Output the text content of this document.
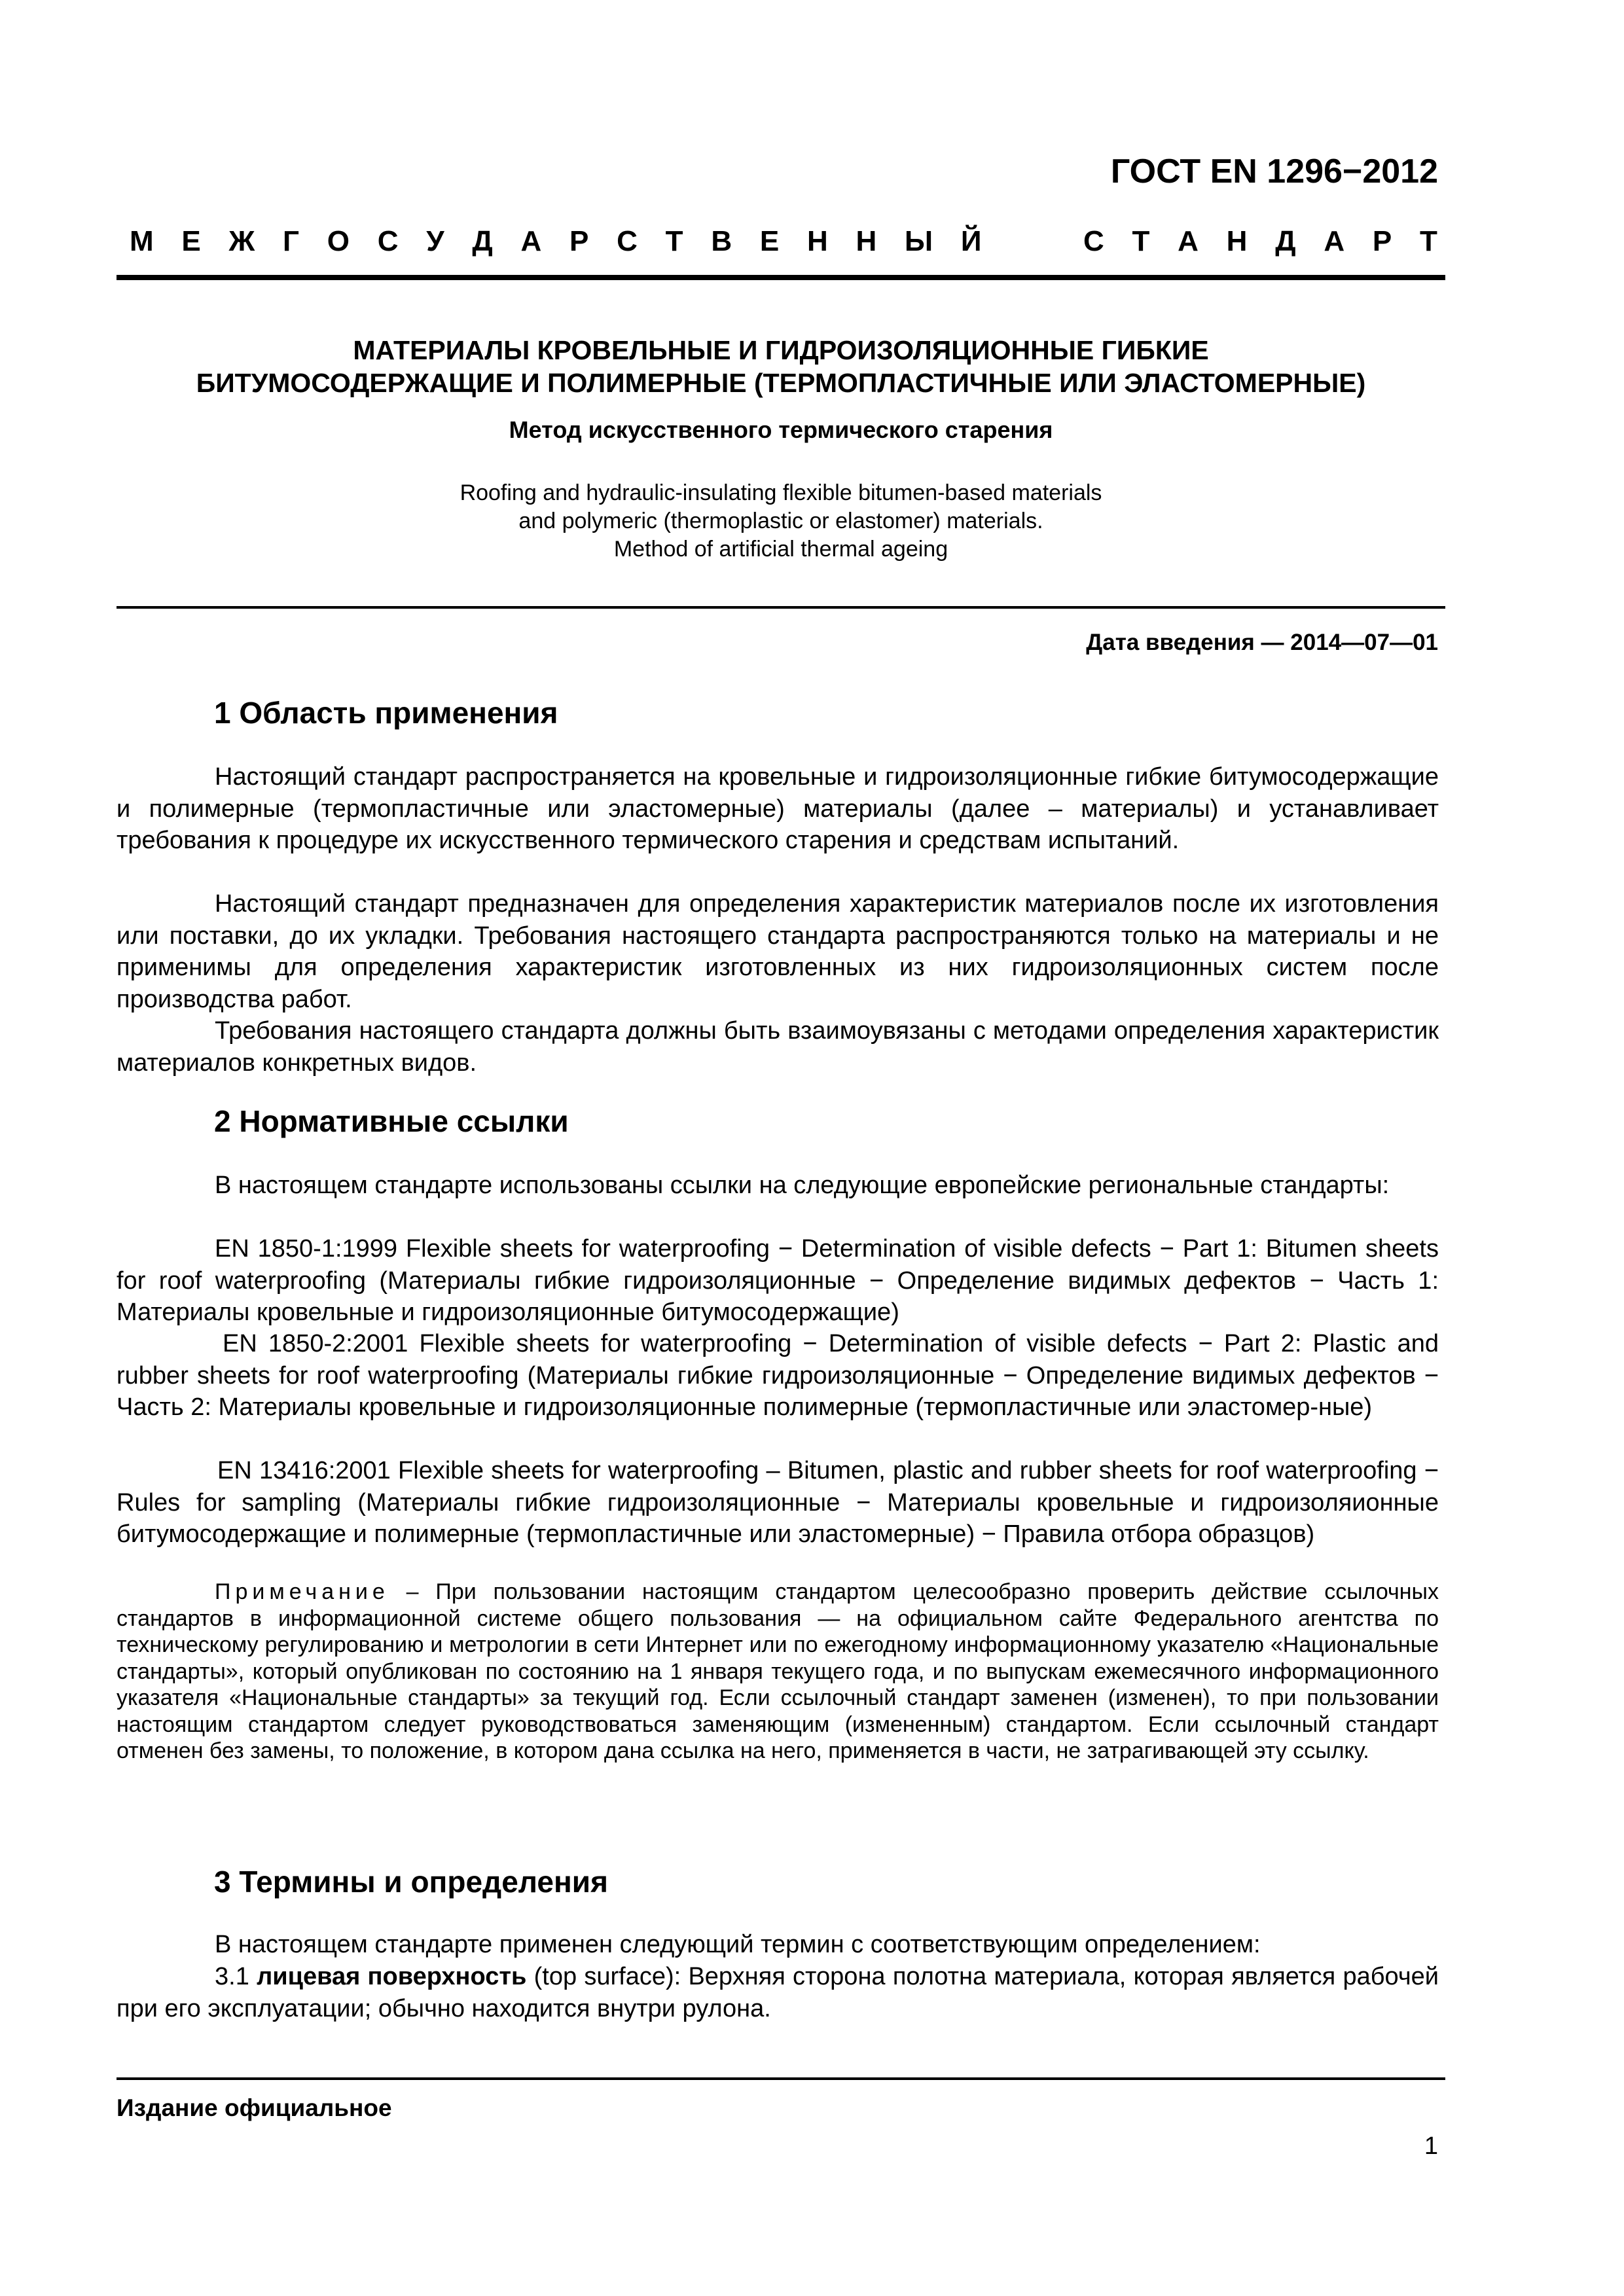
ГОСТ EN 1296−2012
М Е Ж Г О С У Д А Р С Т В Е Н Н Ы Й	С Т А Н Д А Р Т
МАТЕРИАЛЫ КРОВЕЛЬНЫЕ И ГИДРОИЗОЛЯЦИОННЫЕ ГИБКИЕ
БИТУМОСОДЕРЖАЩИЕ И ПОЛИМЕРНЫЕ (ТЕРМОПЛАСТИЧНЫЕ ИЛИ ЭЛАСТОМЕРНЫЕ)
Метод искусственного термического старения
Roofing and hydraulic-insulating flexible bitumen-based materials
and polymeric (thermoplastic or elastomer) materials.
Method of artificial thermal ageing
Дата введения — 2014—07—01
1 Область применения

Настоящий стандарт распространяется на кровельные и гидроизоляционные гибкие битумосодержащие и полимерные (термопластичные или эластомерные) материалы (далее – материалы) и устанавливает требования к процедуре их искусственного термического старения и средствам испытаний.

Настоящий стандарт предназначен для определения характеристик материалов после их изготовления или поставки, до их укладки. Требования настоящего стандарта распространяются только на материалы и не применимы для определения характеристик изготовленных из них гидроизоляционных систем после производства работ.

Требования настоящего стандарта должны быть взаимоувязаны с методами определения характеристик материалов конкретных видов.

2 Нормативные ссылки

В настоящем стандарте использованы ссылки на следующие европейские региональные стандарты:

EN 1850-1:1999 Flexible sheets for waterproofing − Determination of visible defects − Part 1: Bitumen sheets for roof waterproofing (Материалы гибкие гидроизоляционные − Определение видимых дефектов − Часть 1: Материалы кровельные и гидроизоляционные битумосодержащие)

EN 1850-2:2001 Flexible sheets for waterproofing − Determination of visible defects − Part 2: Plastic and rubber sheets for roof waterproofing (Материалы гибкие гидроизоляционные − Определение видимых дефектов − Часть 2: Материалы кровельные и гидроизоляционные полимерные (термопластичные или эластомер-ные)

EN 13416:2001 Flexible sheets for waterproofing – Bitumen, plastic and rubber sheets for roof waterproofing − Rules for sampling (Материалы гибкие гидроизоляционные − Материалы кровельные и гидроизоляионные битумосодержащие и полимерные (термопластичные или эластомерные) − Правила отбора образцов)

Примечание – При пользовании настоящим стандартом целесообразно проверить действие ссылочных стандартов в информационной системе общего пользования — на официальном сайте Федерального агентства по техническому регулированию и метрологии в сети Интернет или по ежегодному информационному указателю «Национальные стандарты», который опубликован по состоянию на 1 января текущего года, и по выпускам ежемесячного информационного указателя «Национальные стандарты» за текущий год. Если ссылочный стандарт заменен (изменен), то при пользовании настоящим стандартом следует руководствоваться заменяющим (измененным) стандартом. Если ссылочный стандарт отменен без замены, то положение, в котором дана ссылка на него, применяется в части, не затрагивающей эту ссылку.

3 Термины и определения

В настоящем стандарте применен следующий термин с соответствующим определением:

3.1 лицевая поверхность (top surface): Верхняя сторона полотна материала, которая является рабочей при его эксплуатации; обычно находится внутри рулона.

Издание официальное
1
